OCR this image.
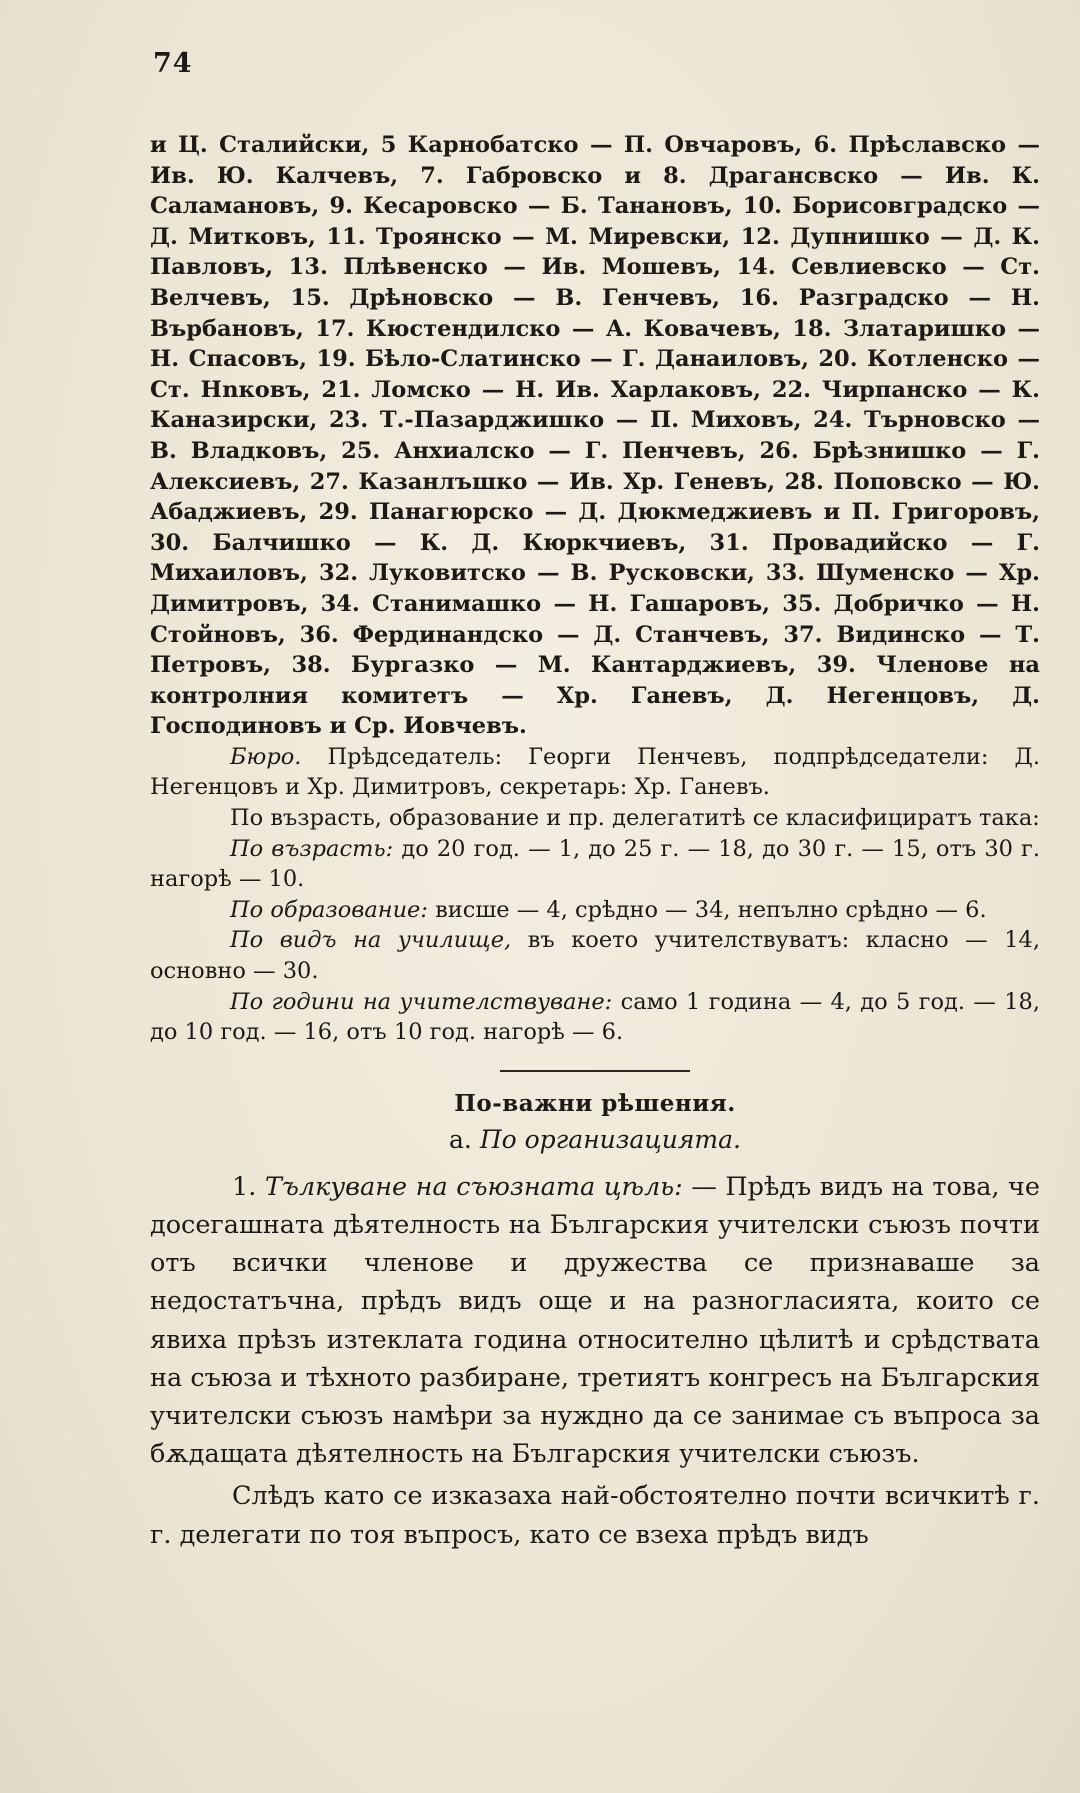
74

и Ц. Сталийски, 5 Карнобатско — П. Овчаровъ, 6. Прѣславско — Ив. Ю. Калчевъ, 7. Габровско и 8. Драгансвско — Ив. К. Саламановъ, 9. Кесаровско — Б. Танановъ, 10. Борисовградско — Д. Митковъ, 11. Троянско — М. Миревски, 12. Дупнишко — Д. К. Павловъ, 13. Плѣвенско — Ив. Мошевъ, 14. Севлиевско — Ст. Велчевъ, 15. Дрѣновско — В. Генчевъ, 16. Разградско — Н. Върбановъ, 17. Кюстендилско — А. Ковачевъ, 18. Златаришко — Н. Спасовъ, 19. Бѣло-Слатинско — Г. Данаиловъ, 20. Котленско — Ст. Нոковъ, 21. Ломско — Н. Ив. Харлаковъ, 22. Чирпанско — К. Каназирски, 23. Т.-Пазарджишко — П. Миховъ, 24. Търновско — В. Владковъ, 25. Анхиалско — Г. Пенчевъ, 26. Брѣзнишко — Г. Алексиевъ, 27. Казанлъшко — Ив. Хр. Геневъ, 28. Поповско — Ю. Абаджиевъ, 29. Панагюрско — Д. Дюкмеджиевъ и П. Григоровъ, 30. Балчишко — К. Д. Кюркчиевъ, 31. Провадийско — Г. Михаиловъ, 32. Луковитско — В. Русковски, 33. Шуменско — Хр. Димитровъ, 34. Станимашко — Н. Гашаровъ, 35. Добричко — Н. Стойновъ, 36. Фердинандско — Д. Станчевъ, 37. Видинско — Т. Петровъ, 38. Бургазко — М. Кантарджиевъ, 39. Членове на контролния комитетъ — Хр. Ганевъ, Д. Негенцовъ, Д. Господиновъ и Ср. Иовчевъ.

Бюро. Прѣдседатель: Георги Пенчевъ, подпрѣдседатели: Д. Негенцовъ и Хр. Димитровъ, секретарь: Хр. Ганевъ.

По възрасть, образование и пр. делегатитѣ се класифициратъ така:

По възрасть: до 20 год. — 1, до 25 г. — 18, до 30 г. — 15, отъ 30 г. нагорѣ — 10.

По образование: висше — 4, срѣдно — 34, непълно срѣдно — 6.

По видъ на училище, въ което учителствуватъ: класно — 14, основно — 30.

По години на учителствуване: само 1 година — 4, до 5 год. — 18, до 10 год. — 16, отъ 10 год. нагорѣ — 6.

По-важни рѣшения.
а. По организацията.

1. Тълкуване на съюзната цѣль: — Прѣдъ видъ на това, че досегашната дѣятелность на Българския учителски съюзъ почти отъ всички членове и дружества се признаваше за недостатъчна, прѣдъ видъ още и на разногласията, които се явиха прѣзъ изтеклата година относително цѣлитѣ и срѣдствата на съюза и тѣхното разбиране, третиятъ конгресъ на Българския учителски съюзъ намѣри за нуждно да се занимае съ въпроса за бѫдащата дѣятелность на Българския учителски съюзъ.

Слѣдъ като се изказаха най-обстоятелно почти всичкитѣ г. г. делегати по тоя въпросъ, като се взеха прѣдъ видъ
